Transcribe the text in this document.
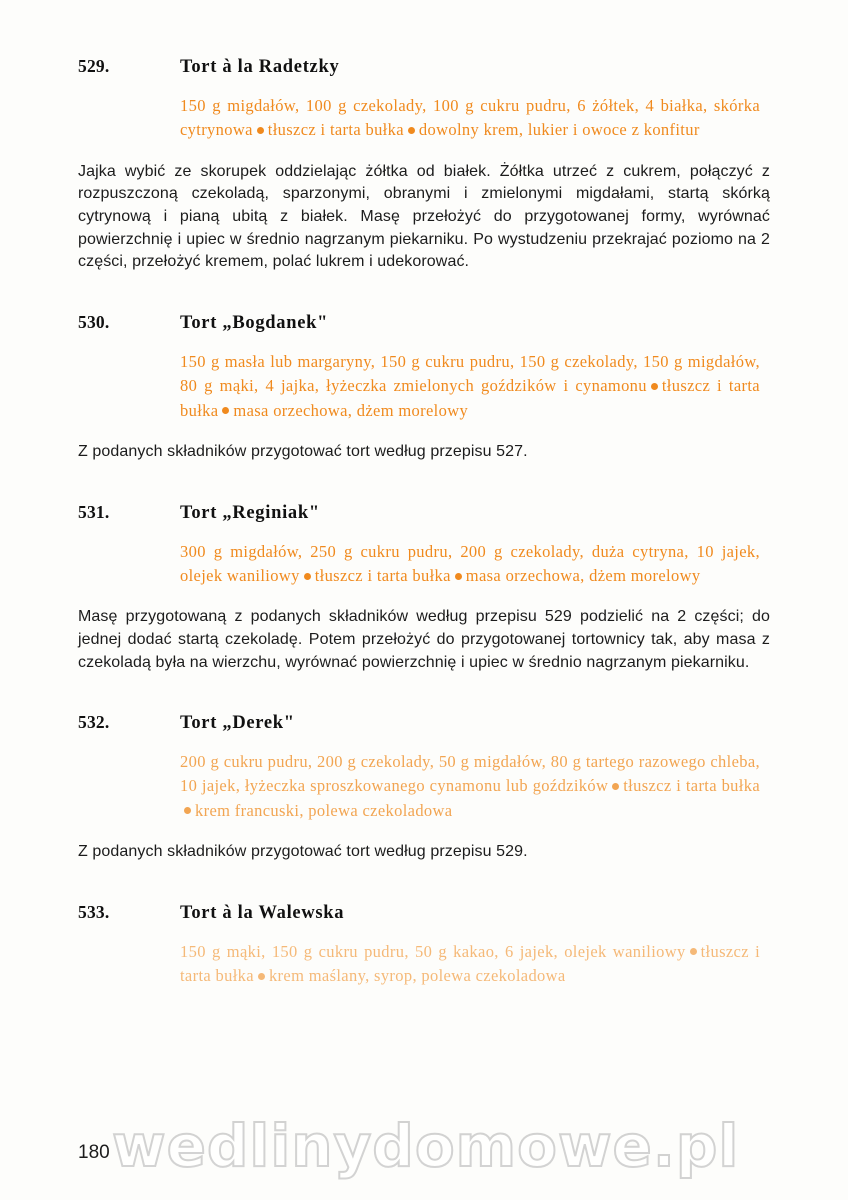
529.	Tort à la Radetzky
150 g migdałów, 100 g czekolady, 100 g cukru pudru, 6 żółtek, 4 białka, skórka cytrynowa tłuszcz i tarta bułka dowolny krem, lukier i owoce z konfitur
Jajka wybić ze skorupek oddzielając żółtka od białek. Żółtka utrzeć z cukrem, połączyć z rozpuszczoną czekoladą, sparzonymi, obranymi i zmielonymi migdałami, startą skórką cytrynową i pianą ubitą z białek. Masę przełożyć do przygotowanej formy, wyrównać powierzchnię i upiec w średnio nagrzanym piekarniku. Po wystudzeniu przekrajać poziomo na 2 części, przełożyć kremem, polać lukrem i udekorować.
530.	Tort „Bogdanek"
150 g masła lub margaryny, 150 g cukru pudru, 150 g czekolady, 150 g migdałów, 80 g mąki, 4 jajka, łyżeczka zmielonych goździków i cynamonu tłuszcz i tarta bułka masa orzechowa, dżem morelowy
Z podanych składników przygotować tort według przepisu 527.
531.	Tort „Reginiak"
300 g migdałów, 250 g cukru pudru, 200 g czekolady, duża cytryna, 10 jajek, olejek waniliowy tłuszcz i tarta bułka masa orzechowa, dżem morelowy
Masę przygotowaną z podanych składników według przepisu 529 podzielić na 2 części; do jednej dodać startą czekoladę. Potem przełożyć do przygotowanej tortownicy tak, aby masa z czekoladą była na wierzchu, wyrównać powierzchnię i upiec w średnio nagrzanym piekarniku.
532.	Tort „Derek"
200 g cukru pudru, 200 g czekolady, 50 g migdałów, 80 g tartego razowego chleba, 10 jajek, łyżeczka sproszkowanego cynamonu lub goździków tłuszcz i tarta bułkakrem francuski, polewa czekoladowa
Z podanych składników przygotować tort według przepisu 529.
533.	Tort à la Walewska
150 g mąki, 150 g cukru pudru, 50 g kakao, 6 jajek, olejek waniliowy tłuszcz i tarta bułka krem maślany, syrop, polewa czekoladowa
180 wedlinydomowe.pl
